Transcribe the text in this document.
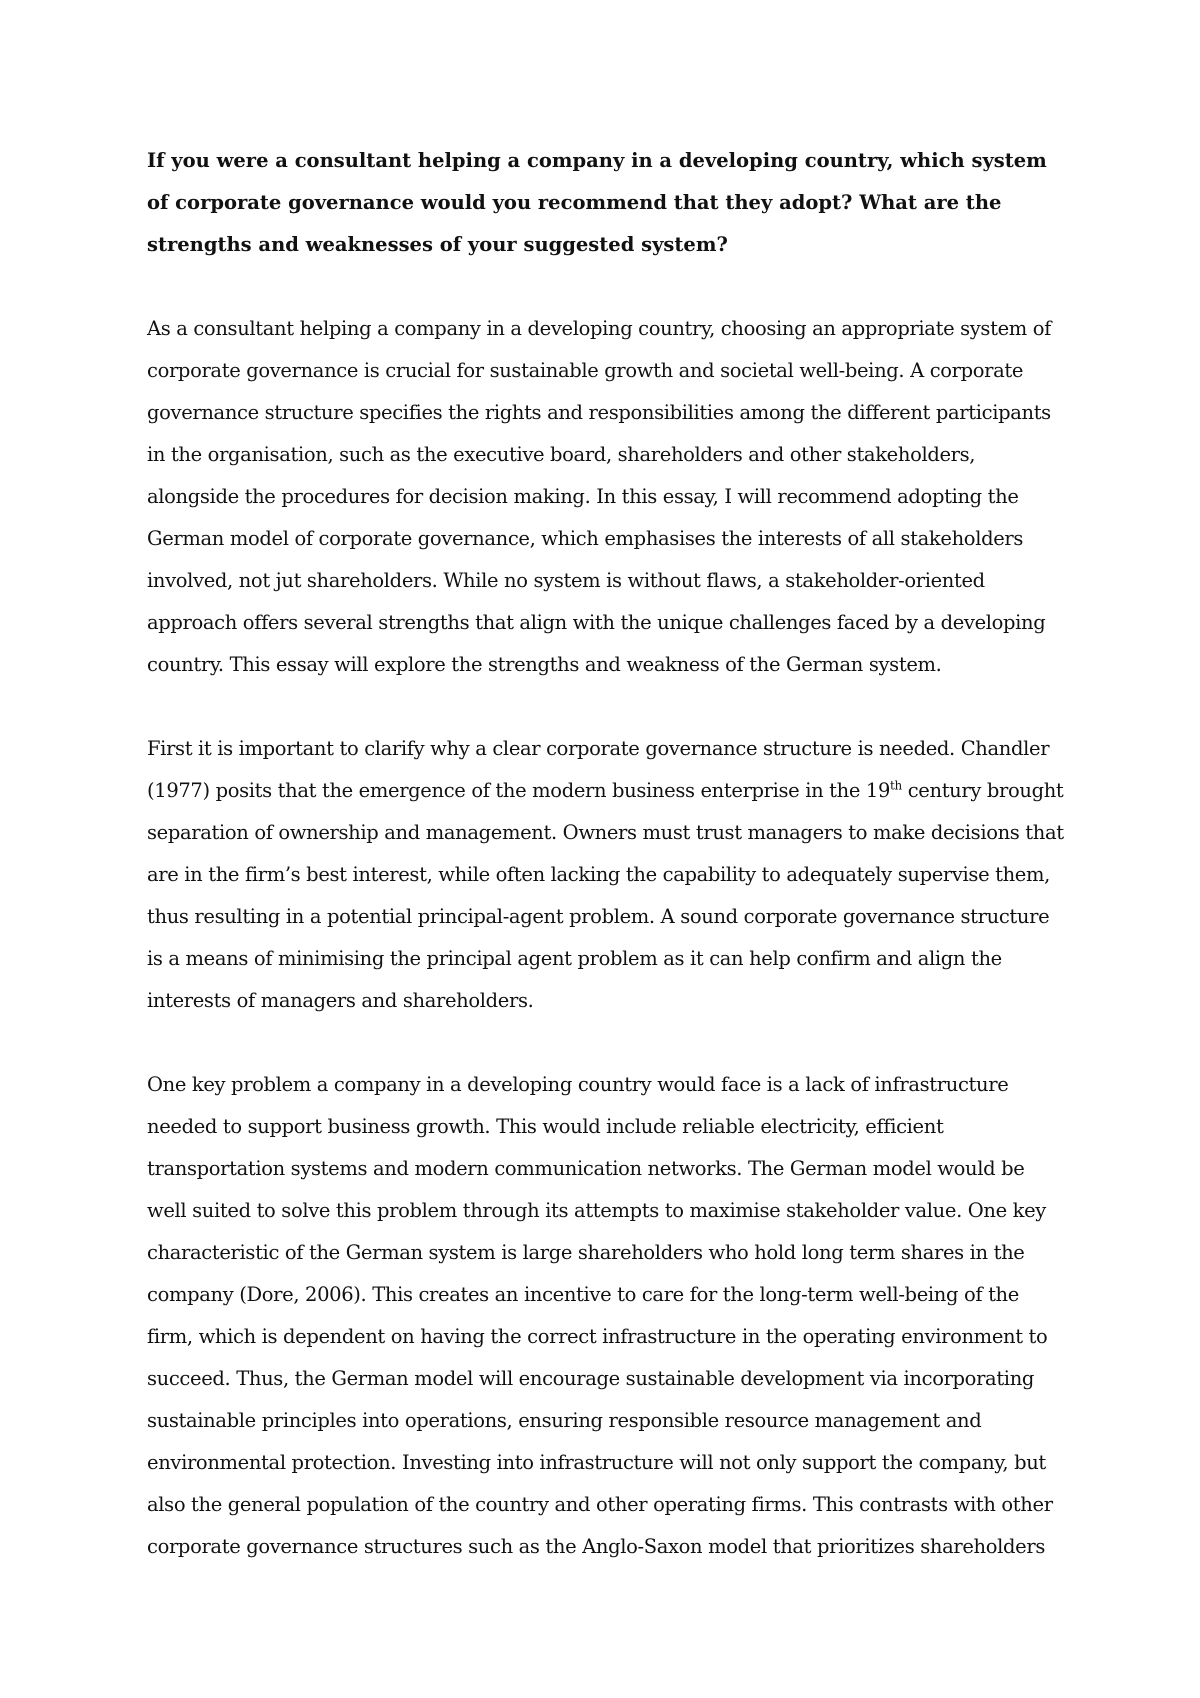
If you were a consultant helping a company in a developing country, which system of corporate governance would you recommend that they adopt? What are the strengths and weaknesses of your suggested system?

As a consultant helping a company in a developing country, choosing an appropriate system of corporate governance is crucial for sustainable growth and societal well-being. A corporate governance structure specifies the rights and responsibilities among the different participants in the organisation, such as the executive board, shareholders and other stakeholders, alongside the procedures for decision making. In this essay, I will recommend adopting the German model of corporate governance, which emphasises the interests of all stakeholders involved, not jut shareholders. While no system is without flaws, a stakeholder-oriented approach offers several strengths that align with the unique challenges faced by a developing country. This essay will explore the strengths and weakness of the German system.

First it is important to clarify why a clear corporate governance structure is needed. Chandler (1977) posits that the emergence of the modern business enterprise in the 19th century brought separation of ownership and management. Owners must trust managers to make decisions that are in the firm’s best interest, while often lacking the capability to adequately supervise them, thus resulting in a potential principal-agent problem. A sound corporate governance structure is a means of minimising the principal agent problem as it can help confirm and align the interests of managers and shareholders.

One key problem a company in a developing country would face is a lack of infrastructure needed to support business growth. This would include reliable electricity, efficient transportation systems and modern communication networks. The German model would be well suited to solve this problem through its attempts to maximise stakeholder value. One key characteristic of the German system is large shareholders who hold long term shares in the company (Dore, 2006). This creates an incentive to care for the long-term well-being of the firm, which is dependent on having the correct infrastructure in the operating environment to succeed. Thus, the German model will encourage sustainable development via incorporating sustainable principles into operations, ensuring responsible resource management and environmental protection. Investing into infrastructure will not only support the company, but also the general population of the country and other operating firms. This contrasts with other corporate governance structures such as the Anglo-Saxon model that prioritizes shareholders
